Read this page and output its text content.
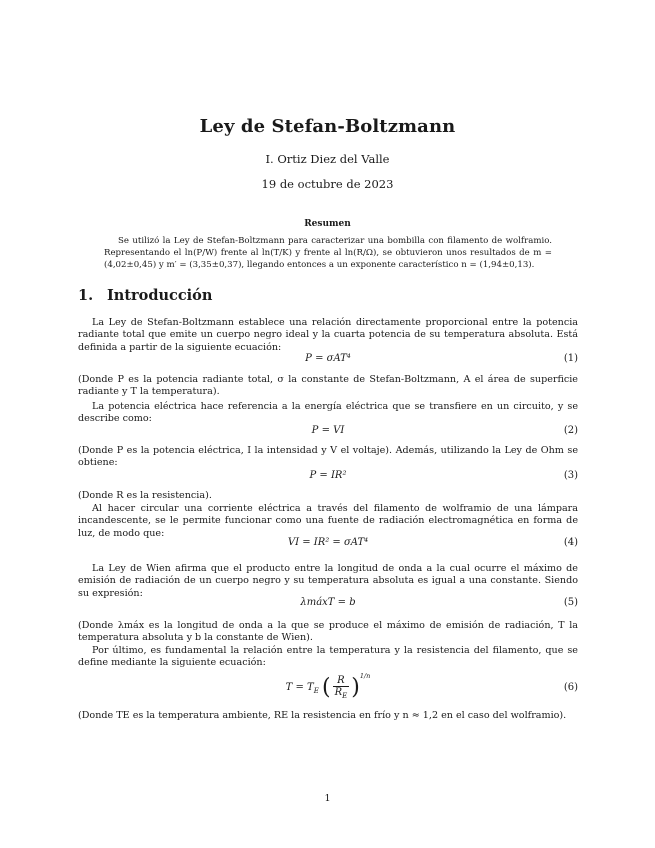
Ley de Stefan-Boltzmann
I. Ortiz Diez del Valle
19 de octubre de 2023
Resumen
Se utilizó la Ley de Stefan-Boltzmann para caracterizar una bombilla con filamento de wolframio. Representando el ln(P/W) frente al ln(T/K) y frente al ln(R/Ω), se obtuvieron unos resultados de m = (4,02±0,45) y m′ = (3,35±0,37), llegando entonces a un exponente característico n = (1,94±0,13).
1. Introducción
La Ley de Stefan-Boltzmann establece una relación directamente proporcional entre la potencia radiante total que emite un cuerpo negro ideal y la cuarta potencia de su temperatura absoluta. Está definida a partir de la siguiente ecuación:
P = σAT⁴	(1)
(Donde P es la potencia radiante total, σ la constante de Stefan-Boltzmann, A el área de superficie radiante y T la temperatura).
La potencia eléctrica hace referencia a la energía eléctrica que se transfiere en un circuito, y se describe como:
P = VI	(2)
(Donde P es la potencia eléctrica, I la intensidad y V el voltaje). Además, utilizando la Ley de Ohm se obtiene:
P = IR²	(3)
(Donde R es la resistencia).
Al hacer circular una corriente eléctrica a través del filamento de wolframio de una lámpara incandescente, se le permite funcionar como una fuente de radiación electromagnética en forma de luz, de modo que:
VI = IR² = σAT⁴	(4)
La Ley de Wien afirma que el producto entre la longitud de onda a la cual ocurre el máximo de emisión de radiación de un cuerpo negro y su temperatura absoluta es igual a una constante. Siendo su expresión:
λmáxT = b	(5)
(Donde λmáx es la longitud de onda a la que se produce el máximo de emisión de radiación, T la temperatura absoluta y b la constante de Wien).
Por último, es fundamental la relación entre la temperatura y la resistencia del filamento, que se define mediante la siguiente ecuación:
$T = T_E$ ( $\frac{R}{R_E} )^{1/n}$
(6)
(Donde TE es la temperatura ambiente, RE la resistencia en frío y n ≈ 1,2 en el caso del wolframio).
1
